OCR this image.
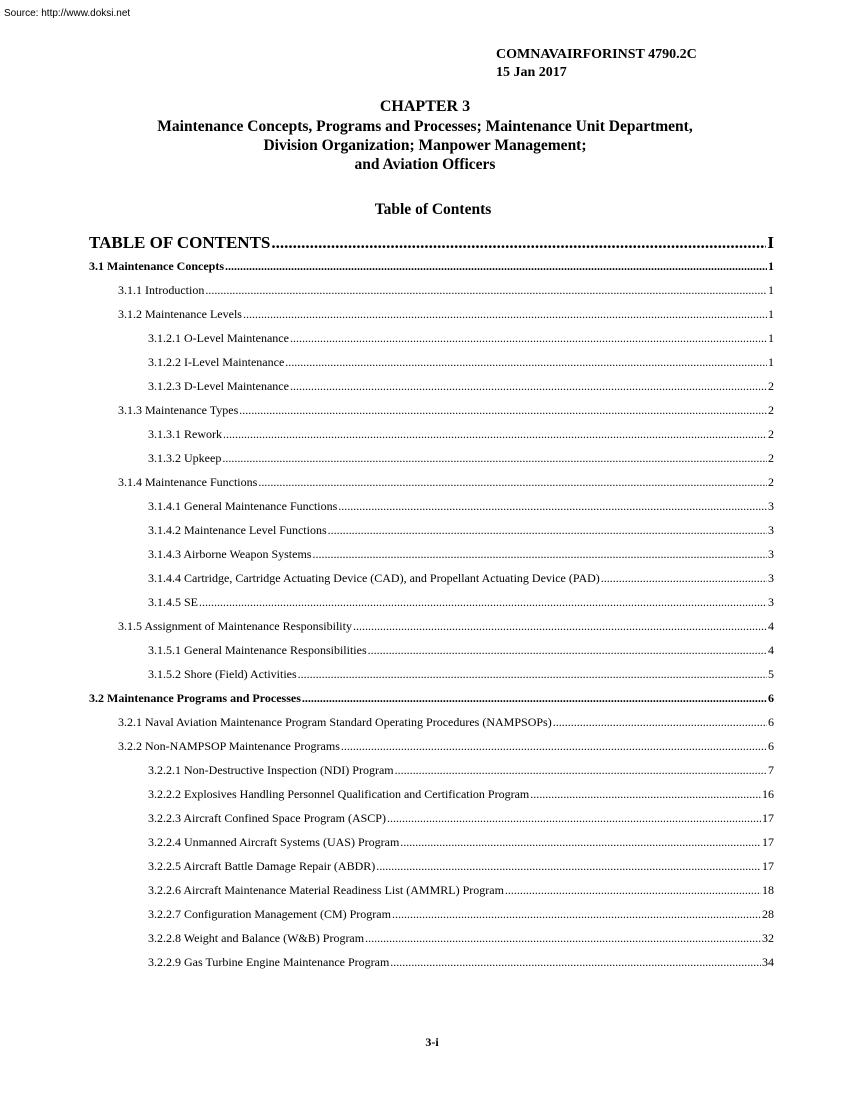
Source: http://www.doksi.net
COMNAVAIRFORINST 4790.2C
15 Jan 2017
CHAPTER 3
Maintenance Concepts, Programs and Processes; Maintenance Unit Department,
Division Organization; Manpower Management;
and Aviation Officers
Table of Contents
TABLE OF CONTENTS .....	I
3.1 Maintenance Concepts .....	1
3.1.1 Introduction .....	1
3.1.2 Maintenance Levels .....	1
3.1.2.1 O-Level Maintenance .....	1
3.1.2.2 I-Level Maintenance .....	1
3.1.2.3 D-Level Maintenance .....	2
3.1.3 Maintenance Types .....	2
3.1.3.1 Rework .....	2
3.1.3.2 Upkeep .....	2
3.1.4 Maintenance Functions .....	2
3.1.4.1 General Maintenance Functions .....	3
3.1.4.2 Maintenance Level Functions .....	3
3.1.4.3 Airborne Weapon Systems .....	3
3.1.4.4 Cartridge, Cartridge Actuating Device (CAD), and Propellant Actuating Device (PAD) .....	3
3.1.4.5 SE .....	3
3.1.5 Assignment of Maintenance Responsibility .....	4
3.1.5.1 General Maintenance Responsibilities .....	4
3.1.5.2 Shore (Field) Activities .....	5
3.2 Maintenance Programs and Processes .....	6
3.2.1 Naval Aviation Maintenance Program Standard Operating Procedures (NAMPSOPs) .....	6
3.2.2 Non-NAMPSOP Maintenance Programs .....	6
3.2.2.1 Non-Destructive Inspection (NDI) Program .....	7
3.2.2.2 Explosives Handling Personnel Qualification and Certification Program .....	16
3.2.2.3 Aircraft Confined Space Program (ASCP) .....	17
3.2.2.4 Unmanned Aircraft Systems (UAS) Program .....	17
3.2.2.5 Aircraft Battle Damage Repair (ABDR) .....	17
3.2.2.6 Aircraft Maintenance Material Readiness List (AMMRL) Program .....	18
3.2.2.7 Configuration Management (CM) Program .....	28
3.2.2.8 Weight and Balance (W&B) Program .....	32
3.2.2.9 Gas Turbine Engine Maintenance Program .....	34
3-i
